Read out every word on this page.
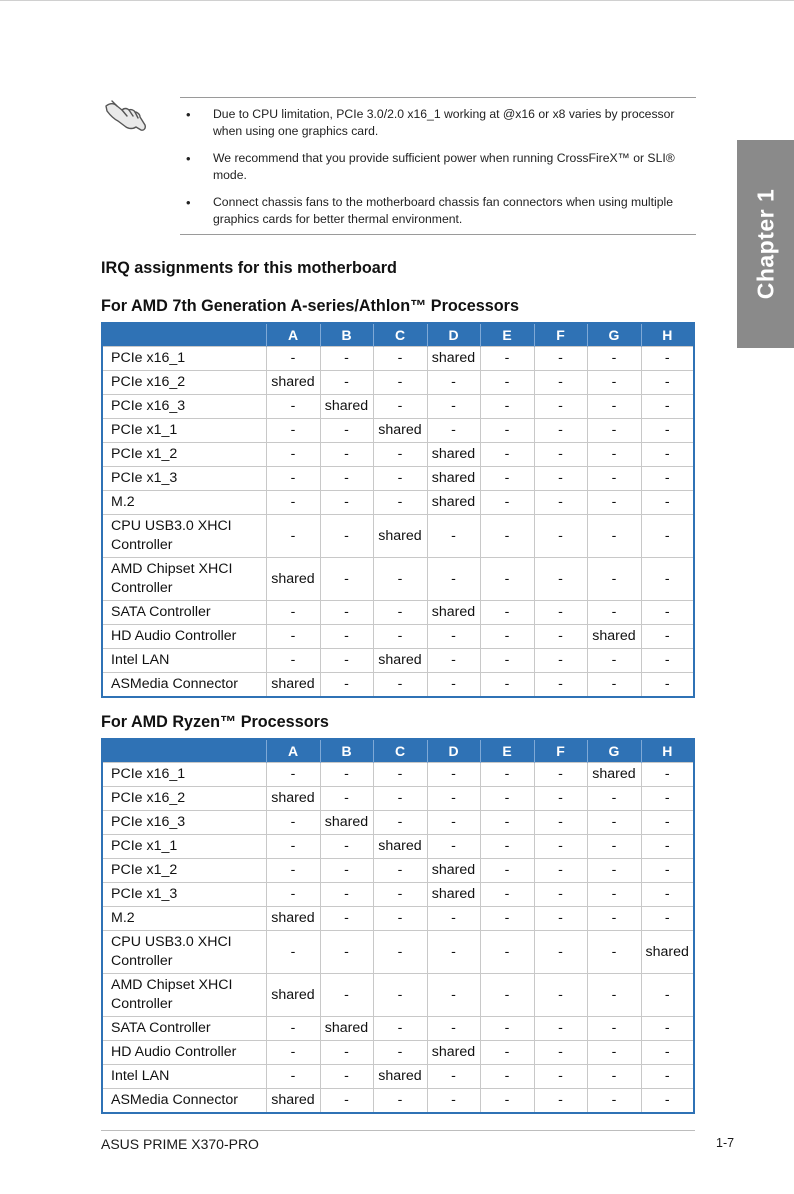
• Due to CPU limitation, PCIe 3.0/2.0 x16_1 working at @x16 or x8 varies by processor when using one graphics card.
• We recommend that you provide sufficient power when running CrossFireX™ or SLI® mode.
• Connect chassis fans to the motherboard chassis fan connectors when using multiple graphics cards for better thermal environment.	Chapter 1
IRQ assignments for this motherboard
For AMD 7th Generation A-series/Athlon™ Processors
	A	B	C	D	E	F	G	H
PCIe x16_1	-	-	-	shared	-	-	-	-
PCIe x16_2	shared	-	-	-	-	-	-	-
PCIe x16_3	-	shared	-	-	-	-	-	-
PCIe x1_1	-	-	shared	-	-	-	-	-
PCIe x1_2	-	-	-	shared	-	-	-	-
PCIe x1_3	-	-	-	shared	-	-	-	-
M.2	-	-	-	shared	-	-	-	-
CPU USB3.0 XHCI Controller	-	-	shared	-	-	-	-	-
AMD Chipset XHCI Controller	shared	-	-	-	-	-	-	-
SATA Controller	-	-	-	shared	-	-	-	-
HD Audio Controller	-	-	-	-	-	-	shared	-
Intel LAN	-	-	shared	-	-	-	-	-
ASMedia Connector	shared	-	-	-	-	-	-	-
For AMD Ryzen™ Processors
	A	B	C	D	E	F	G	H
PCIe x16_1	-	-	-	-	-	-	shared	-
PCIe x16_2	shared	-	-	-	-	-	-	-
PCIe x16_3	-	shared	-	-	-	-	-	-
PCIe x1_1	-	-	shared	-	-	-	-	-
PCIe x1_2	-	-	-	shared	-	-	-	-
PCIe x1_3	-	-	-	shared	-	-	-	-
M.2	shared	-	-	-	-	-	-	-
CPU USB3.0 XHCI Controller	-	-	-	-	-	-	-	shared
AMD Chipset XHCI Controller	shared	-	-	-	-	-	-	-
SATA Controller	-	shared	-	-	-	-	-	-
HD Audio Controller	-	-	-	shared	-	-	-	-
Intel LAN	-	-	shared	-	-	-	-	-
ASMedia Connector	shared	-	-	-	-	-	-	-
ASUS PRIME X370-PRO	1-7
